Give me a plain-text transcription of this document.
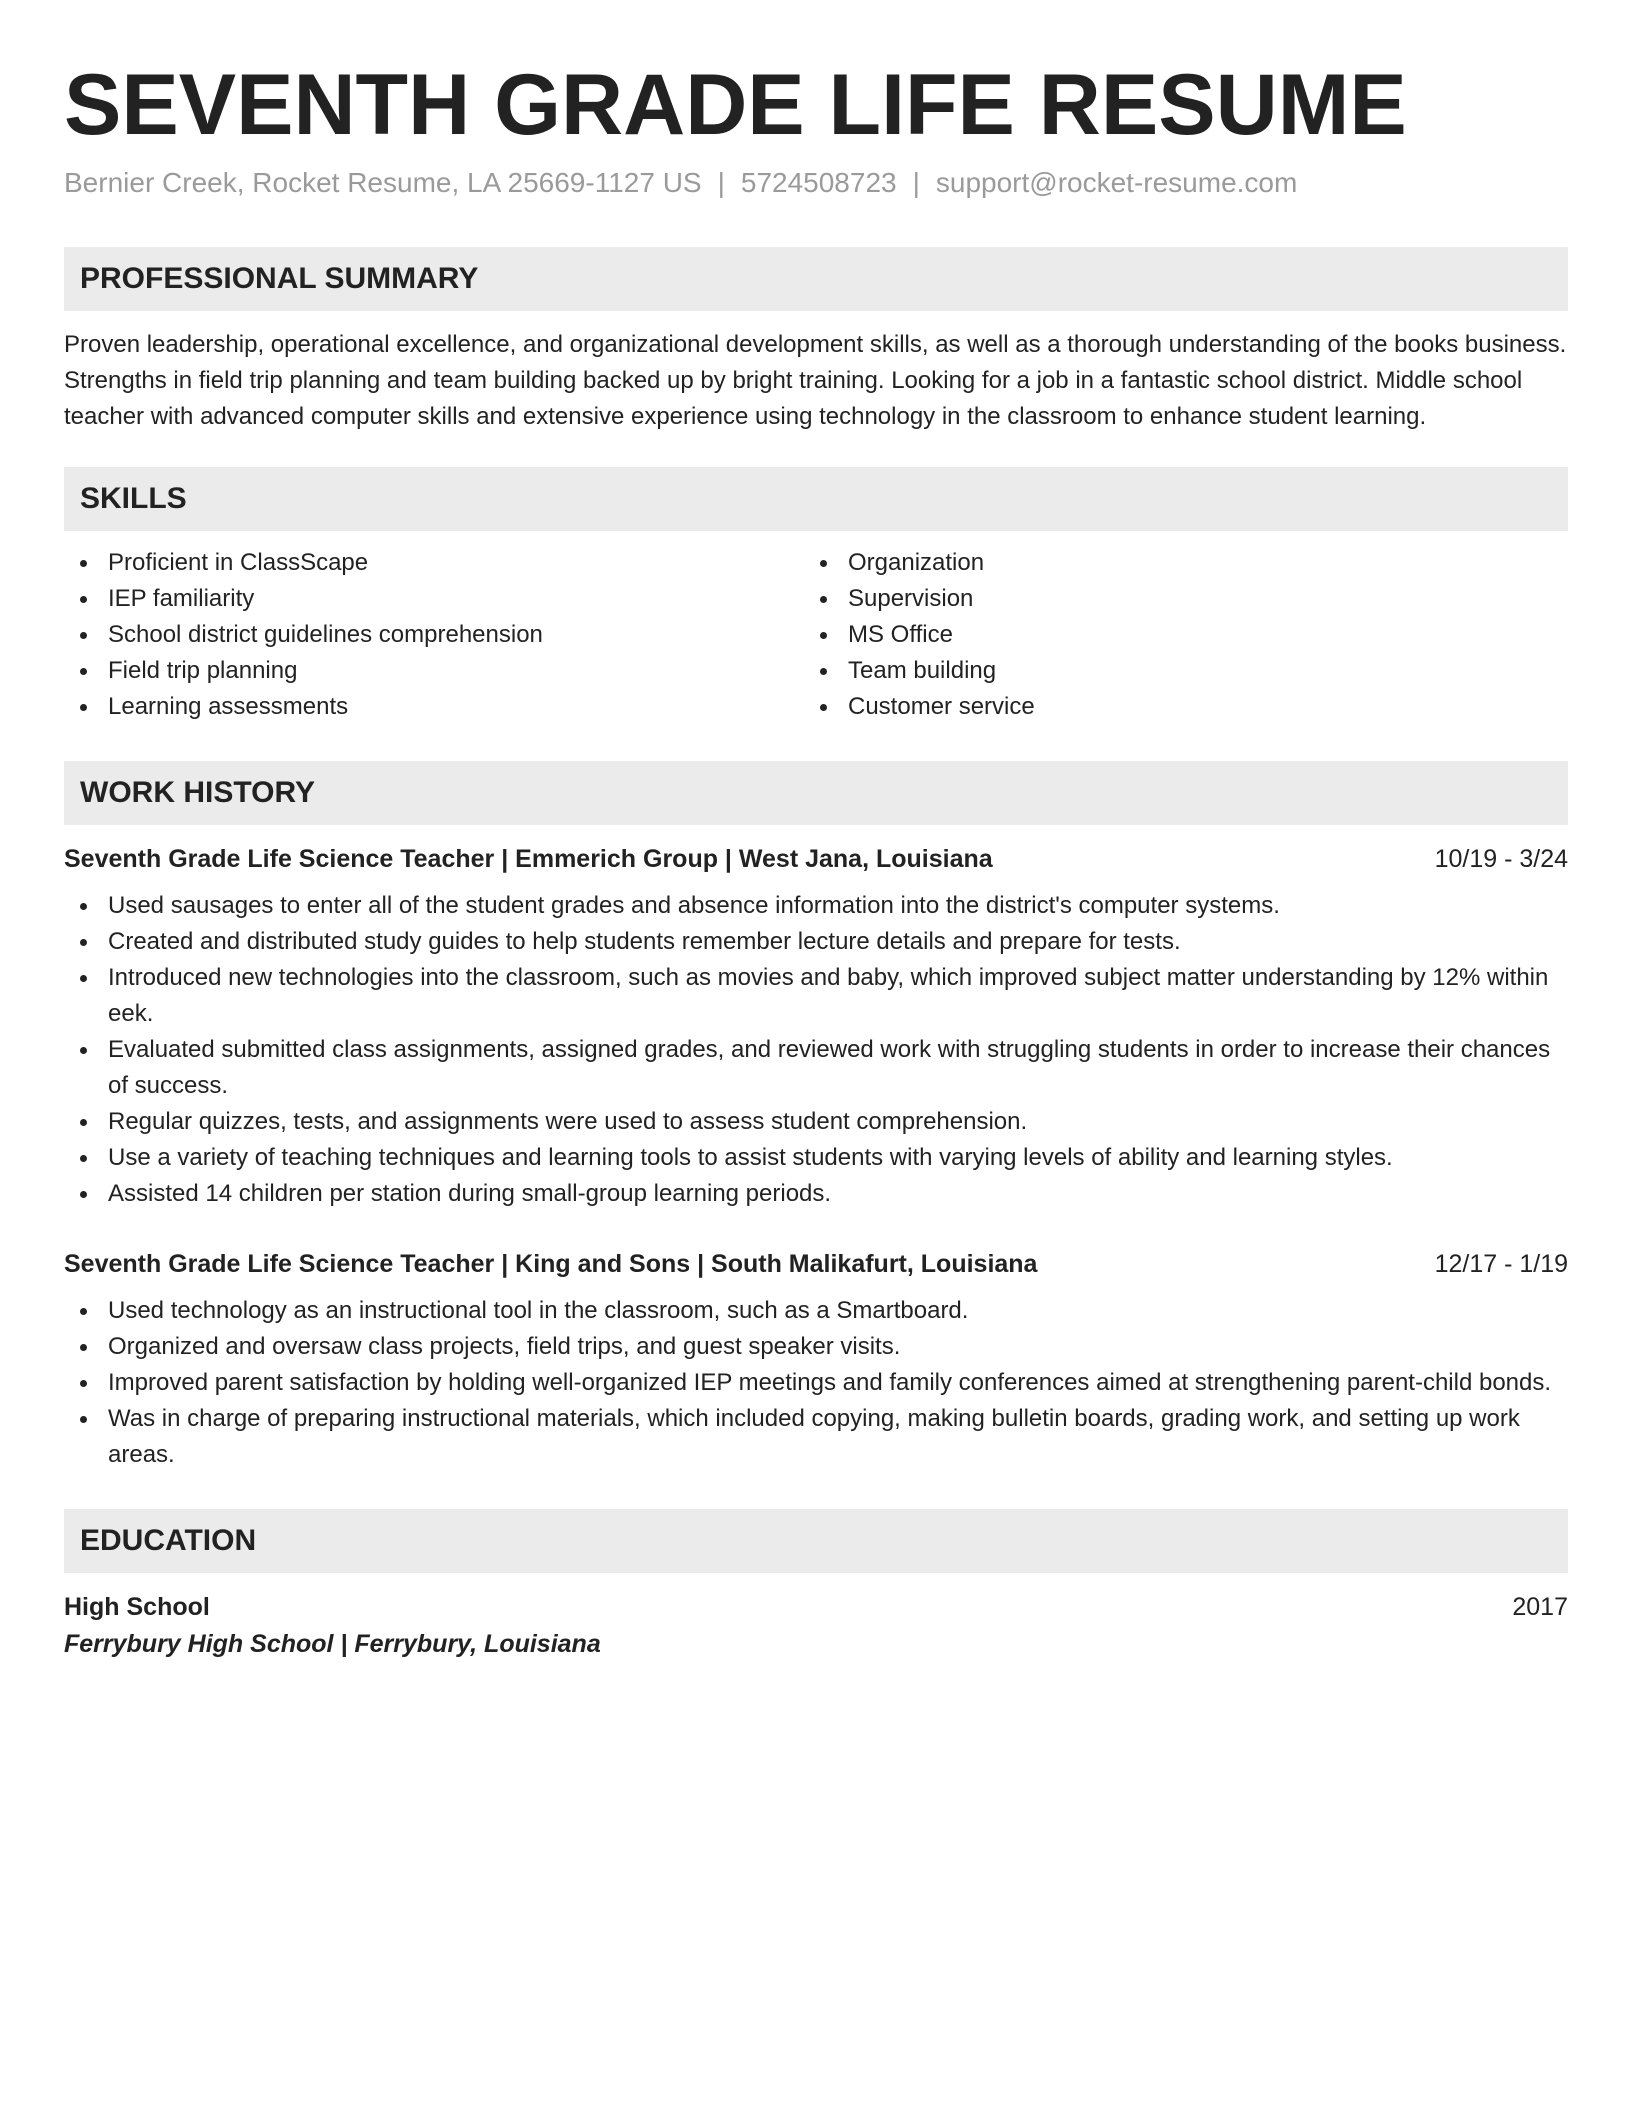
SEVENTH GRADE LIFE RESUME
Bernier Creek, Rocket Resume, LA 25669-1127 US | 5724508723 | support@rocket-resume.com
PROFESSIONAL SUMMARY
Proven leadership, operational excellence, and organizational development skills, as well as a thorough understanding of the books business. Strengths in field trip planning and team building backed up by bright training. Looking for a job in a fantastic school district. Middle school teacher with advanced computer skills and extensive experience using technology in the classroom to enhance student learning.
SKILLS
Proficient in ClassScape
IEP familiarity
School district guidelines comprehension
Field trip planning
Learning assessments
Organization
Supervision
MS Office
Team building
Customer service
WORK HISTORY
Seventh Grade Life Science Teacher | Emmerich Group | West Jana, Louisiana	10/19 - 3/24
Used sausages to enter all of the student grades and absence information into the district's computer systems.
Created and distributed study guides to help students remember lecture details and prepare for tests.
Introduced new technologies into the classroom, such as movies and baby, which improved subject matter understanding by 12% within eek.
Evaluated submitted class assignments, assigned grades, and reviewed work with struggling students in order to increase their chances of success.
Regular quizzes, tests, and assignments were used to assess student comprehension.
Use a variety of teaching techniques and learning tools to assist students with varying levels of ability and learning styles.
Assisted 14 children per station during small-group learning periods.
Seventh Grade Life Science Teacher | King and Sons | South Malikafurt, Louisiana	12/17 - 1/19
Used technology as an instructional tool in the classroom, such as a Smartboard.
Organized and oversaw class projects, field trips, and guest speaker visits.
Improved parent satisfaction by holding well-organized IEP meetings and family conferences aimed at strengthening parent-child bonds.
Was in charge of preparing instructional materials, which included copying, making bulletin boards, grading work, and setting up work areas.
EDUCATION
High School	2017
Ferrybury High School | Ferrybury, Louisiana
